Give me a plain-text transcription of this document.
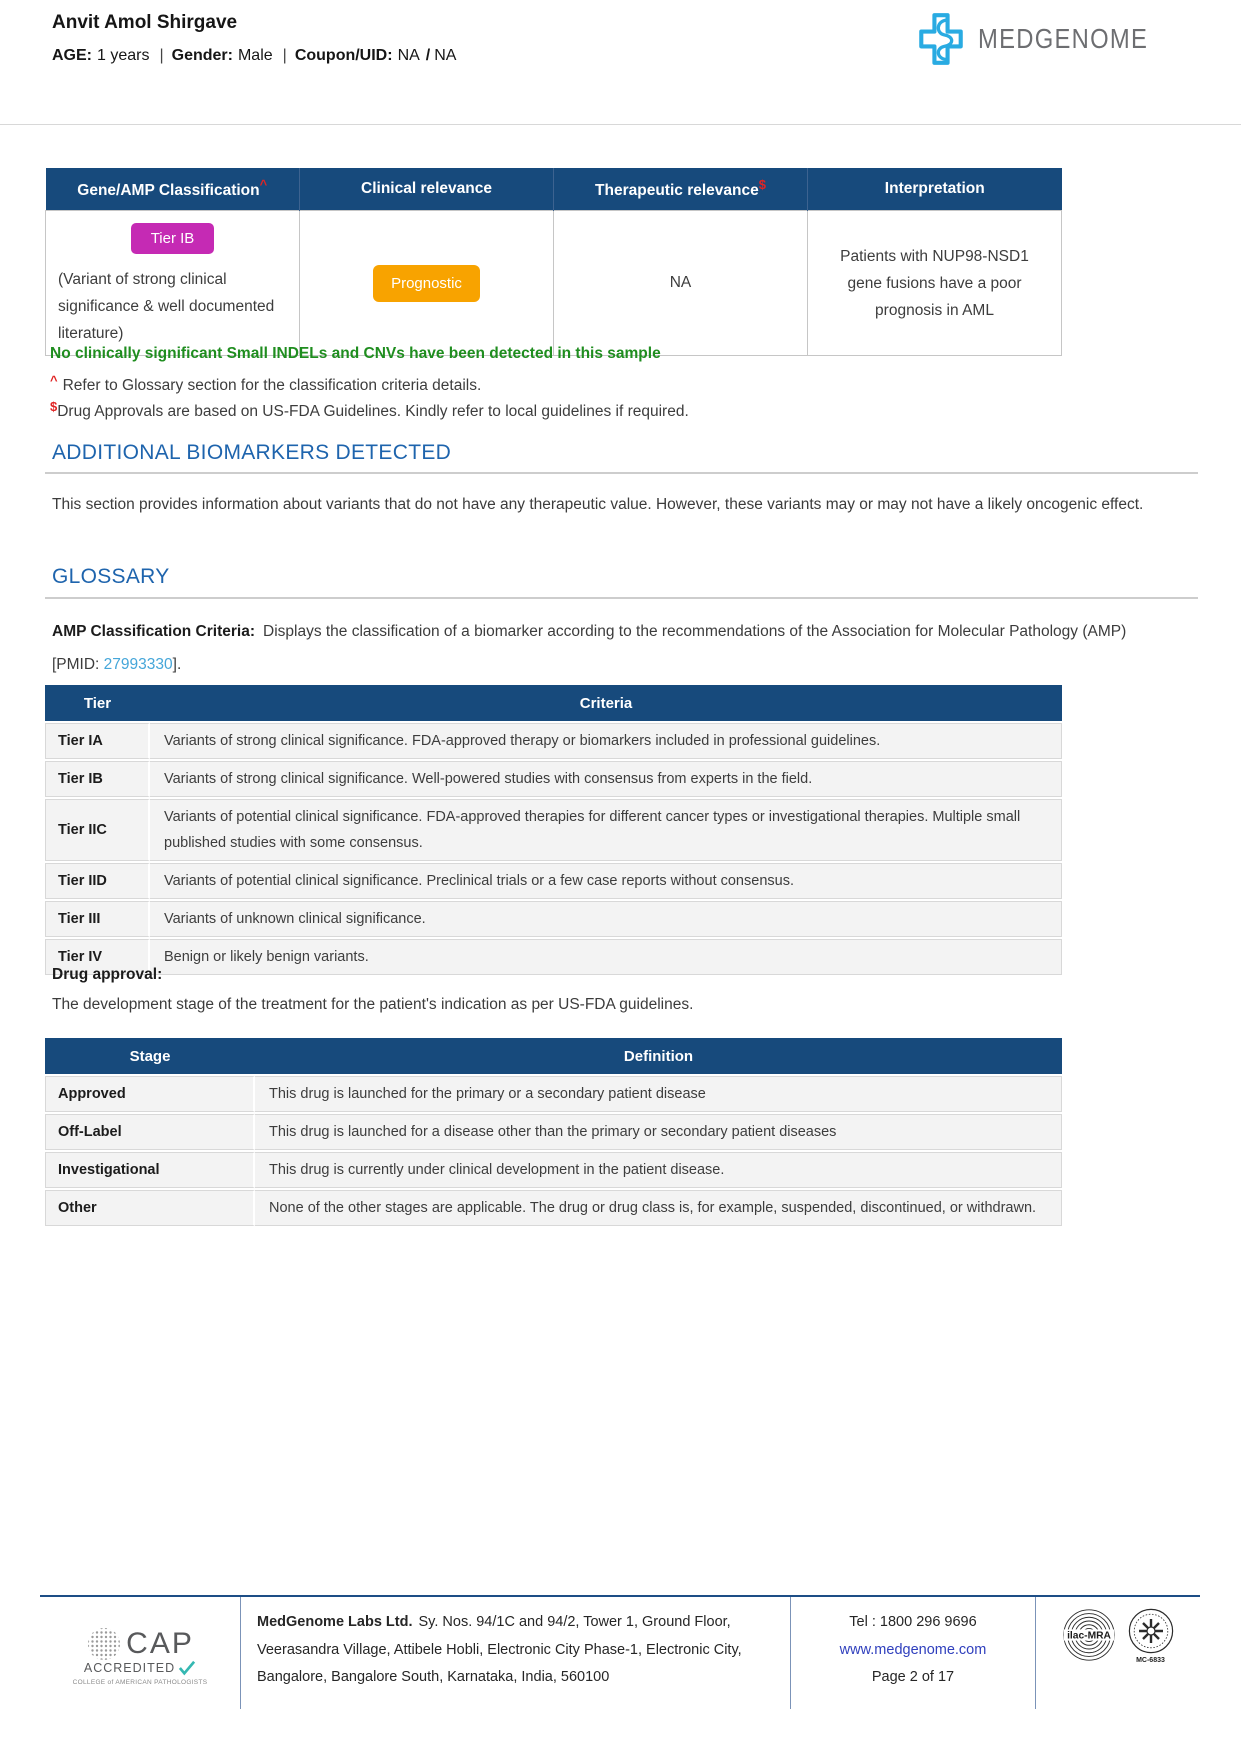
Anvit Amol Shirgave
AGE: 1 years | Gender: Male | Coupon/UID: NA / NA
MEDGENOME
Gene/AMP Classification^	Clinical relevance	Therapeutic relevance$	Interpretation

Tier IB
(Variant of strong clinical significance & well documented literature)	Prognostic	NA	Patients with NUP98-NSD1 gene fusions have a poor prognosis in AML
No clinically significant Small INDELs and CNVs have been detected in this sample
^ Refer to Glossary section for the classification criteria details.
$Drug Approvals are based on US-FDA Guidelines. Kindly refer to local guidelines if required.
ADDITIONAL BIOMARKERS DETECTED
This section provides information about variants that do not have any therapeutic value. However, these variants may or may not have a likely oncogenic effect.
GLOSSARY
AMP Classification Criteria: Displays the classification of a biomarker according to the recommendations of the Association for Molecular Pathology (AMP) [PMID: 27993330].
Tier	Criteria
Tier IA	Variants of strong clinical significance. FDA-approved therapy or biomarkers included in professional guidelines.
Tier IB	Variants of strong clinical significance. Well-powered studies with consensus from experts in the field.
Tier IIC	Variants of potential clinical significance. FDA-approved therapies for different cancer types or investigational therapies. Multiple small published studies with some consensus.
Tier IID	Variants of potential clinical significance. Preclinical trials or a few case reports without consensus.
Tier III	Variants of unknown clinical significance.
Tier IV	Benign or likely benign variants.
Drug approval:
The development stage of the treatment for the patient's indication as per US-FDA guidelines.
Stage	Definition
Approved	This drug is launched for the primary or a secondary patient disease
Off-Label	This drug is launched for a disease other than the primary or secondary patient diseases
Investigational	This drug is currently under clinical development in the patient disease.
Other	None of the other stages are applicable. The drug or drug class is, for example, suspended, discontinued, or withdrawn.
CAP
ACCREDITED
COLLEGE of AMERICAN PATHOLOGISTS
MedGenome Labs Ltd. Sy. Nos. 94/1C and 94/2, Tower 1, Ground Floor,
Veerasandra Village, Attibele Hobli, Electronic City Phase-1, Electronic City,
Bangalore, Bangalore South, Karnataka, India, 560100
Tel : 1800 296 9696
www.medgenome.com
Page 2 of 17
ilac-MRA
MC-6833
